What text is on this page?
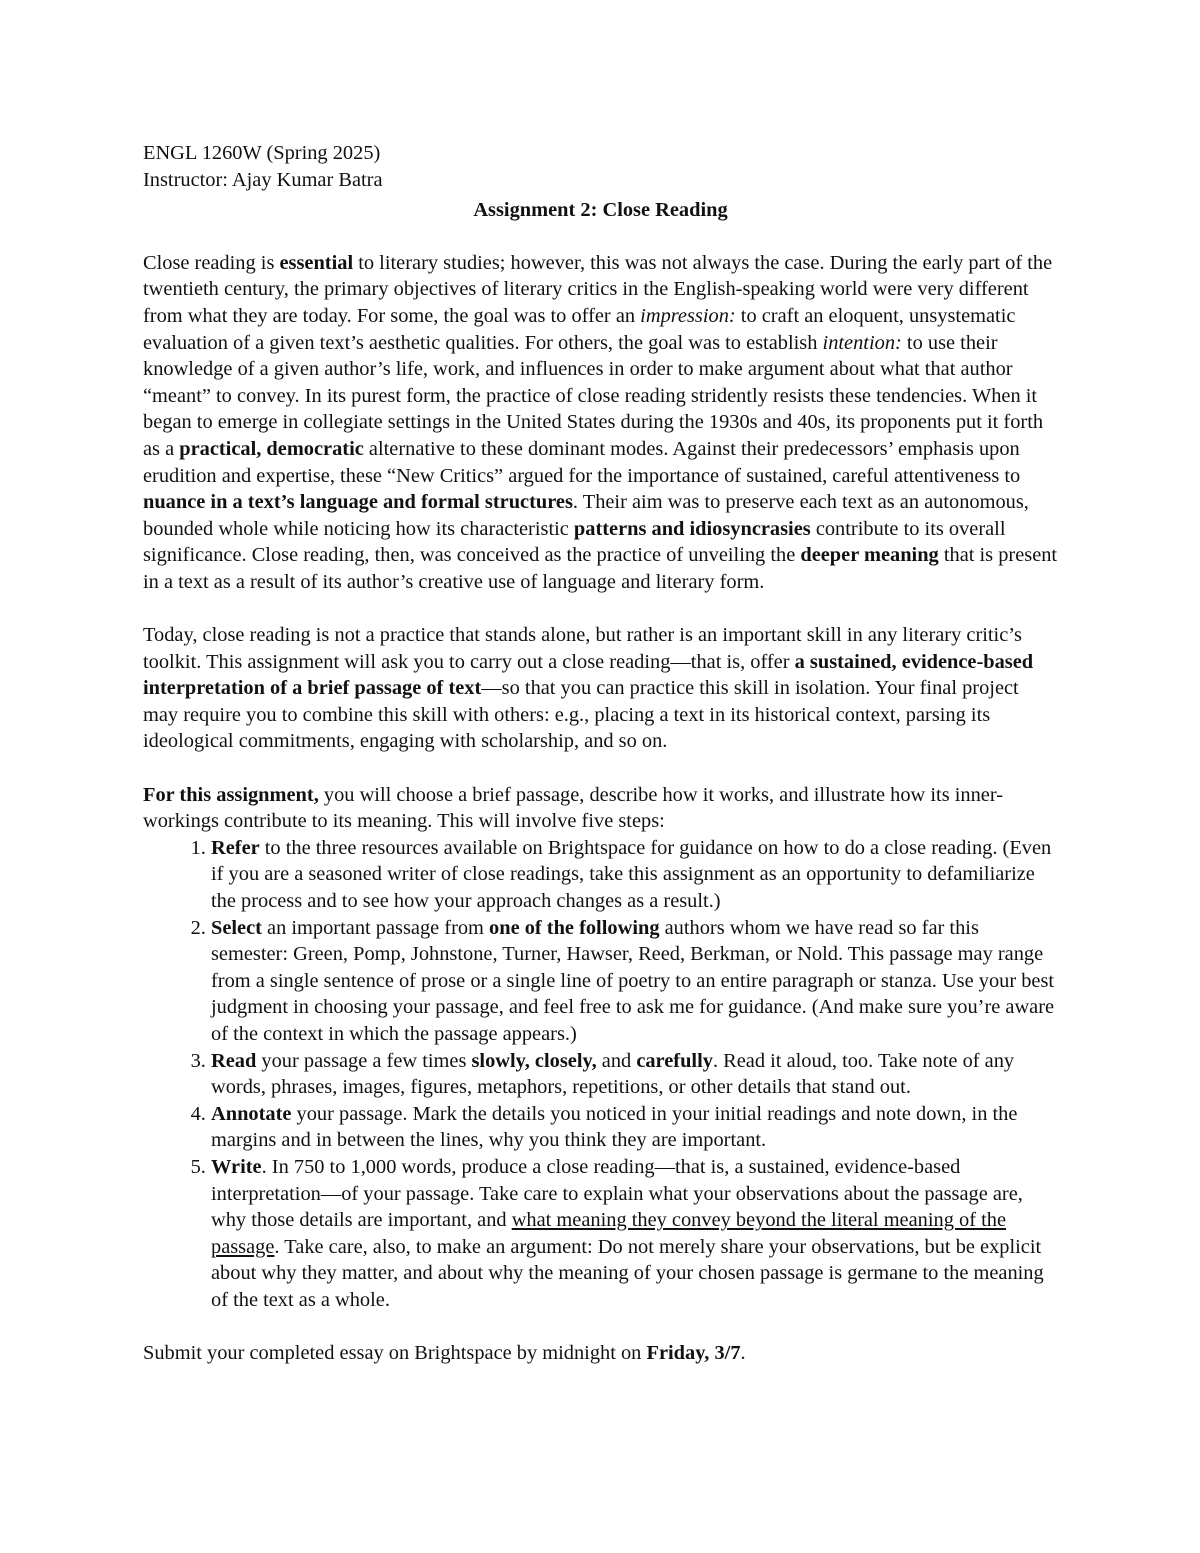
ENGL 1260W (Spring 2025)
Instructor: Ajay Kumar Batra
Assignment 2: Close Reading

Close reading is essential to literary studies; however, this was not always the case. During the early part of the twentieth century, the primary objectives of literary critics in the English-speaking world were very different from what they are today. For some, the goal was to offer an impression: to craft an eloquent, unsystematic evaluation of a given text’s aesthetic qualities. For others, the goal was to establish intention: to use their knowledge of a given author’s life, work, and influences in order to make argument about what that author “meant” to convey. In its purest form, the practice of close reading stridently resists these tendencies. When it began to emerge in collegiate settings in the United States during the 1930s and 40s, its proponents put it forth as a practical, democratic alternative to these dominant modes. Against their predecessors’ emphasis upon erudition and expertise, these “New Critics” argued for the importance of sustained, careful attentiveness to nuance in a text’s language and formal structures. Their aim was to preserve each text as an autonomous, bounded whole while noticing how its characteristic patterns and idiosyncrasies contribute to its overall significance. Close reading, then, was conceived as the practice of unveiling the deeper meaning that is present in a text as a result of its author’s creative use of language and literary form.

Today, close reading is not a practice that stands alone, but rather is an important skill in any literary critic’s toolkit. This assignment will ask you to carry out a close reading—that is, offer a sustained, evidence-based interpretation of a brief passage of text—so that you can practice this skill in isolation. Your final project may require you to combine this skill with others: e.g., placing a text in its historical context, parsing its ideological commitments, engaging with scholarship, and so on.

For this assignment, you will choose a brief passage, describe how it works, and illustrate how its inner-workings contribute to its meaning. This will involve five steps:

1. Refer to the three resources available on Brightspace for guidance on how to do a close reading. (Even if you are a seasoned writer of close readings, take this assignment as an opportunity to defamiliarize the process and to see how your approach changes as a result.)
2. Select an important passage from one of the following authors whom we have read so far this semester: Green, Pomp, Johnstone, Turner, Hawser, Reed, Berkman, or Nold. This passage may range from a single sentence of prose or a single line of poetry to an entire paragraph or stanza. Use your best judgment in choosing your passage, and feel free to ask me for guidance. (And make sure you’re aware of the context in which the passage appears.)
3. Read your passage a few times slowly, closely, and carefully. Read it aloud, too. Take note of any words, phrases, images, figures, metaphors, repetitions, or other details that stand out.
4. Annotate your passage. Mark the details you noticed in your initial readings and note down, in the margins and in between the lines, why you think they are important.
5. Write. In 750 to 1,000 words, produce a close reading—that is, a sustained, evidence-based interpretation—of your passage. Take care to explain what your observations about the passage are, why those details are important, and what meaning they convey beyond the literal meaning of the passage. Take care, also, to make an argument: Do not merely share your observations, but be explicit about why they matter, and about why the meaning of your chosen passage is germane to the meaning of the text as a whole.

Submit your completed essay on Brightspace by midnight on Friday, 3/7.
